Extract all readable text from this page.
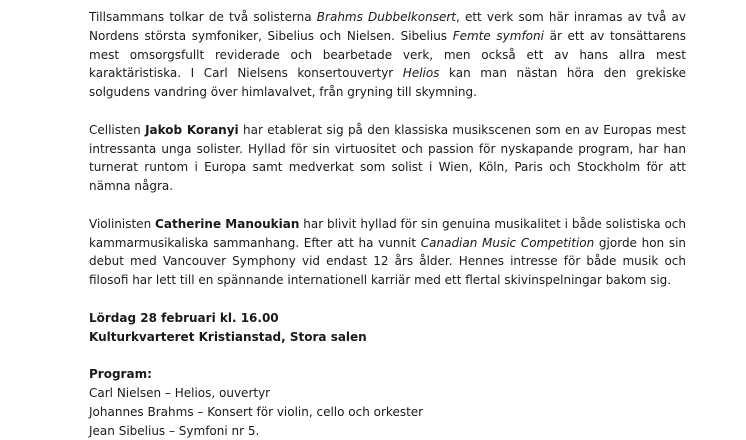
Tillsammans tolkar de två solisterna Brahms Dubbelkonsert, ett verk som här inramas av två av Nordens största symfoniker, Sibelius och Nielsen. Sibelius Femte symfoni är ett av tonsättarens mest omsorgsfullt reviderade och bearbetade verk, men också ett av hans allra mest karaktäristiska. I Carl Nielsens konsertouvertyr Helios kan man nästan höra den grekiske solgudens vandring över himlavalvet, från gryning till skymning.

Cellisten Jakob Koranyi har etablerat sig på den klassiska musikscenen som en av Europas mest intressanta unga solister. Hyllad för sin virtuositet och passion för nyskapande program, har han turnerat runtom i Europa samt medverkat som solist i Wien, Köln, Paris och Stockholm för att nämna några.

Violinisten Catherine Manoukian har blivit hyllad för sin genuina musikalitet i både solistiska och kammarmusikaliska sammanhang. Efter att ha vunnit Canadian Music Competition gjorde hon sin debut med Vancouver Symphony vid endast 12 års ålder. Hennes intresse för både musik och filosofi har lett till en spännande internationell karriär med ett flertal skivinspelningar bakom sig.

Lördag 28 februari kl. 16.00
Kulturkvarteret Kristianstad, Stora salen

Program:
Carl Nielsen – Helios, ouvertyr
Johannes Brahms – Konsert för violin, cello och orkester
Jean Sibelius – Symfoni nr 5.
